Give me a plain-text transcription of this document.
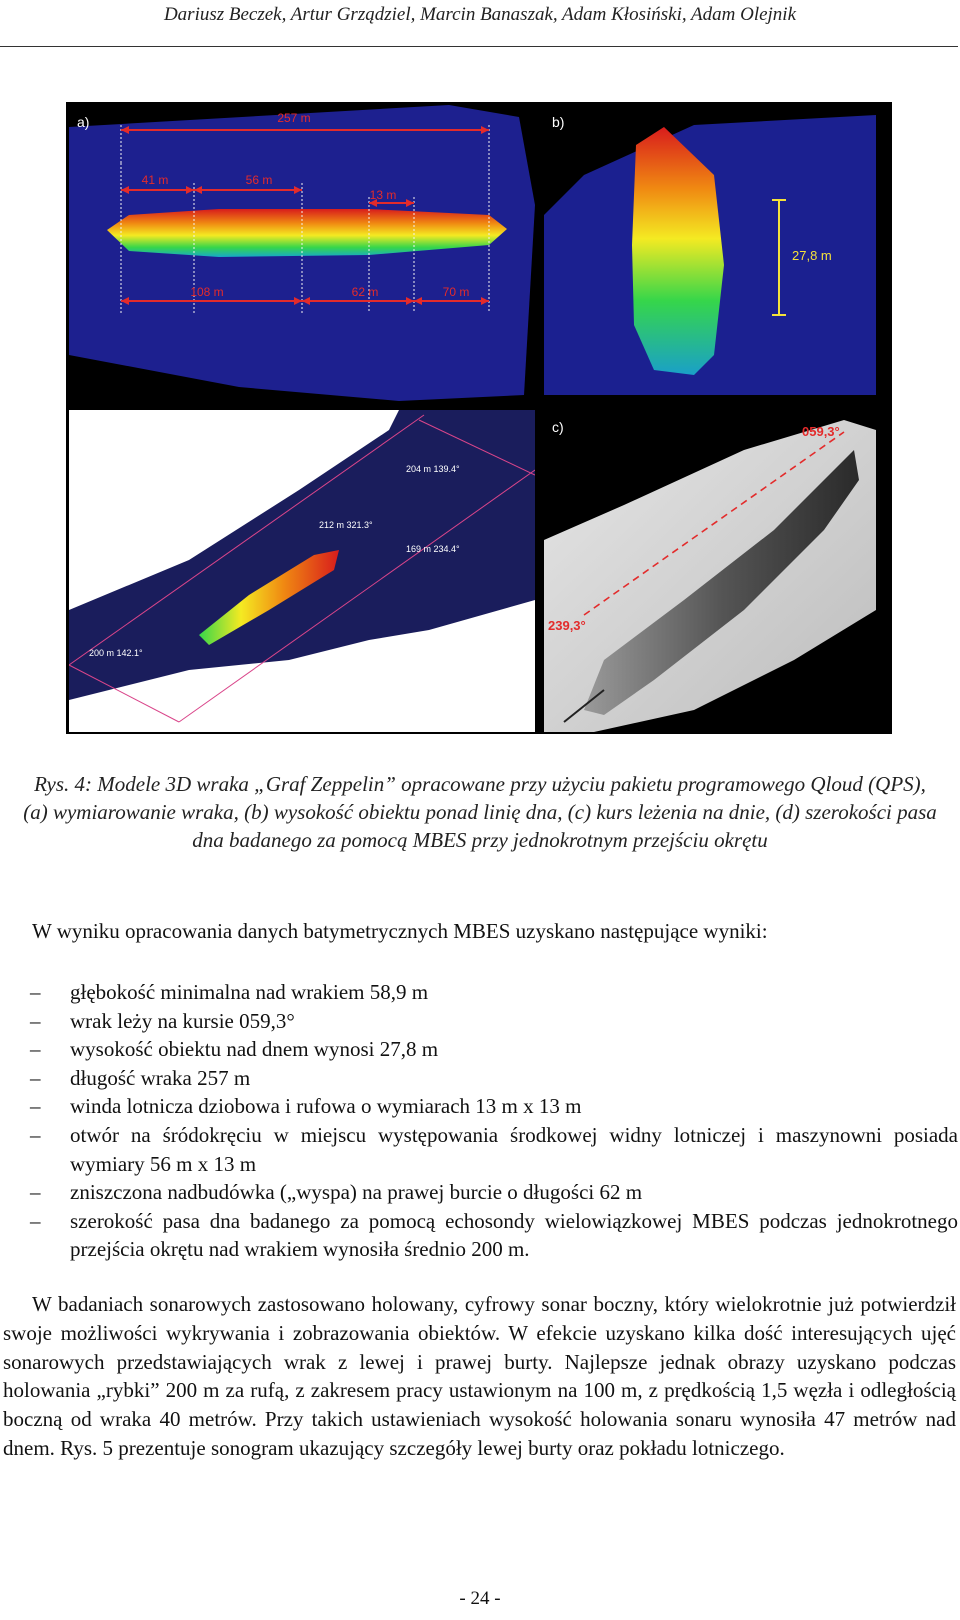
Dariusz Beczek, Artur Grządziel, Marcin Banaszak, Adam Kłosiński, Adam Olejnik
a)	257 m
41 m	56 m
13 m
108 m	62 m	70 m
b)
27,8 m
d)
204 m 139.4°
212 m 321.3°
169 m 234.4°
200 m 142.1°
c)	059,3°
239,3°
Rys. 4: Modele 3D wraka „Graf Zeppelin” opracowane przy użyciu pakietu programowego Qloud (QPS), (a) wymiarowanie wraka, (b) wysokość obiektu ponad linię dna, (c) kurs leżenia na dnie, (d) szerokości pasa dna badanego za pomocą MBES przy jednokrotnym przejściu okrętu
W wyniku opracowania danych batymetrycznych MBES uzyskano następujące wyniki:
– głębokość minimalna nad wrakiem 58,9 m
– wrak leży na kursie 059,3°
– wysokość obiektu nad dnem wynosi 27,8 m
– długość wraka 257 m
– winda lotnicza dziobowa i rufowa o wymiarach 13 m x 13 m
– otwór na śródokręciu w miejscu występowania środkowej widny lotniczej i maszynowni posiada wymiary 56 m x 13 m
– zniszczona nadbudówka („wyspa) na prawej burcie o długości 62 m
– szerokość pasa dna badanego za pomocą echosondy wielowiązkowej MBES podczas jednokrotnego przejścia okrętu nad wrakiem wynosiła średnio 200 m.

W badaniach sonarowych zastosowano holowany, cyfrowy sonar boczny, który wielokrotnie już potwierdził swoje możliwości wykrywania i zobrazowania obiektów. W efekcie uzyskano kilka dość interesujących ujęć sonarowych przedstawiających wrak z lewej i prawej burty. Najlepsze jednak obrazy uzyskano podczas holowania „rybki” 200 m za rufą, z zakresem pracy ustawionym na 100 m, z prędkością 1,5 węzła i odległością boczną od wraka 40 metrów. Przy takich ustawieniach wysokość holowania sonaru wynosiła 47 metrów nad dnem. Rys. 5 prezentuje sonogram ukazujący szczegóły lewej burty oraz pokładu lotniczego.

- 24 -
